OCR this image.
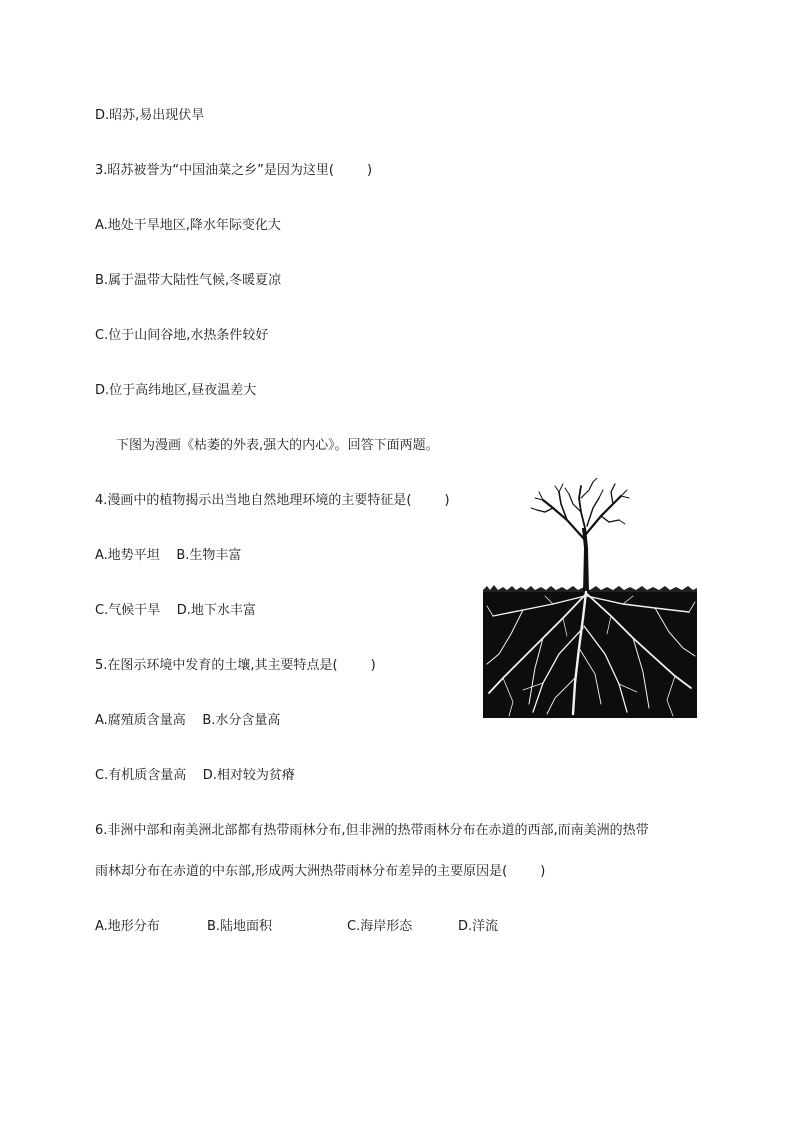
D.昭苏,易出现伏旱
3.昭苏被誉为“中国油菜之乡”是因为这里(        )
A.地处干旱地区,降水年际变化大
B.属于温带大陆性气候,冬暖夏凉
C.位于山间谷地,水热条件较好
D.位于高纬地区,昼夜温差大
下图为漫画《枯萎的外表,强大的内心》。回答下面两题。
4.漫画中的植物揭示出当地自然地理环境的主要特征是(        )
A.地势平坦    B.生物丰富
C.气候干旱    D.地下水丰富
5.在图示环境中发育的土壤,其主要特点是(        )
A.腐殖质含量高    B.水分含量高
C.有机质含量高    D.相对较为贫瘠
6.非洲中部和南美洲北部都有热带雨林分布,但非洲的热带雨林分布在赤道的西部,而南美洲的热带
雨林却分布在赤道的中东部,形成两大洲热带雨林分布差异的主要原因是(        )
A.地形分布	B.陆地面积	C.海岸形态	D.洋流
